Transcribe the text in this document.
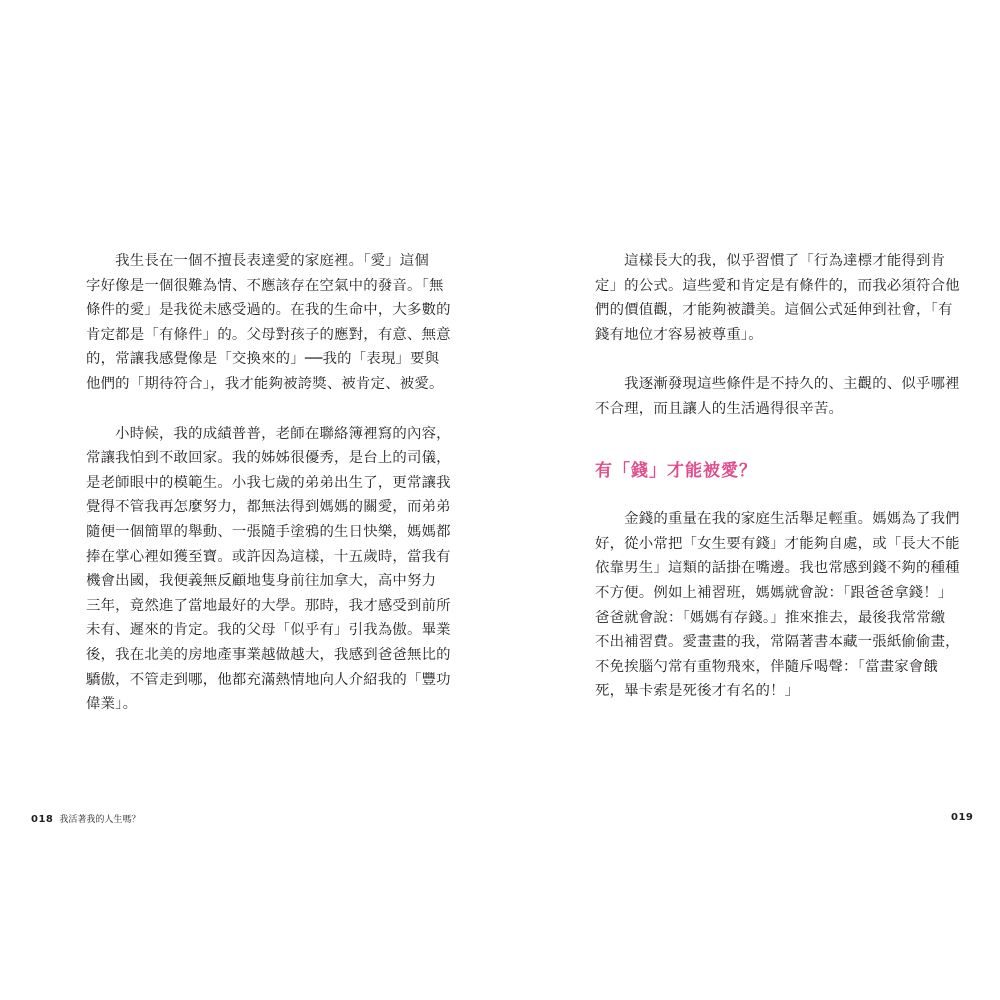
　　我生長在一個不擅長表達愛的家庭裡。「愛」這個
字好像是一個很難為情、不應該存在空氣中的發音。「無
條件的愛」是我從未感受過的。在我的生命中，大多數的
肯定都是「有條件」的。父母對孩子的應對，有意、無意
的，常讓我感覺像是「交換來的」──我的「表現」要與
他們的「期待符合」，我才能夠被誇獎、被肯定、被愛。
　　小時候，我的成績普普，老師在聯絡簿裡寫的內容，
常讓我怕到不敢回家。我的姊姊很優秀，是台上的司儀，
是老師眼中的模範生。小我七歲的弟弟出生了，更常讓我
覺得不管我再怎麼努力，都無法得到媽媽的關愛，而弟弟
隨便一個簡單的舉動、一張隨手塗鴉的生日快樂，媽媽都
捧在掌心裡如獲至寶。或許因為這樣，十五歲時，當我有
機會出國，我便義無反顧地隻身前往加拿大，高中努力
三年，竟然進了當地最好的大學。那時，我才感受到前所
未有、遲來的肯定。我的父母「似乎有」引我為傲。畢業
後，我在北美的房地產事業越做越大，我感到爸爸無比的
驕傲，不管走到哪，他都充滿熱情地向人介紹我的「豐功
偉業」。
018 我活著我的人生嗎？
　　這樣長大的我，似乎習慣了「行為達標才能得到肯
定」的公式。這些愛和肯定是有條件的，而我必須符合他
們的價值觀，才能夠被讚美。這個公式延伸到社會，「有
錢有地位才容易被尊重」。
　　我逐漸發現這些條件是不持久的、主觀的、似乎哪裡
不合理，而且讓人的生活過得很辛苦。
有「錢」才能被愛？
　　金錢的重量在我的家庭生活舉足輕重。媽媽為了我們
好，從小常把「女生要有錢」才能夠自處，或「長大不能
依靠男生」這類的話掛在嘴邊。我也常感到錢不夠的種種
不方便。例如上補習班，媽媽就會說：「跟爸爸拿錢！」
爸爸就會說：「媽媽有存錢。」推來推去，最後我常常繳
不出補習費。愛畫畫的我，常隔著書本藏一張紙偷偷畫，
不免挨腦勺常有重物飛來，伴隨斥喝聲：「當畫家會餓
死，畢卡索是死後才有名的！」
019
